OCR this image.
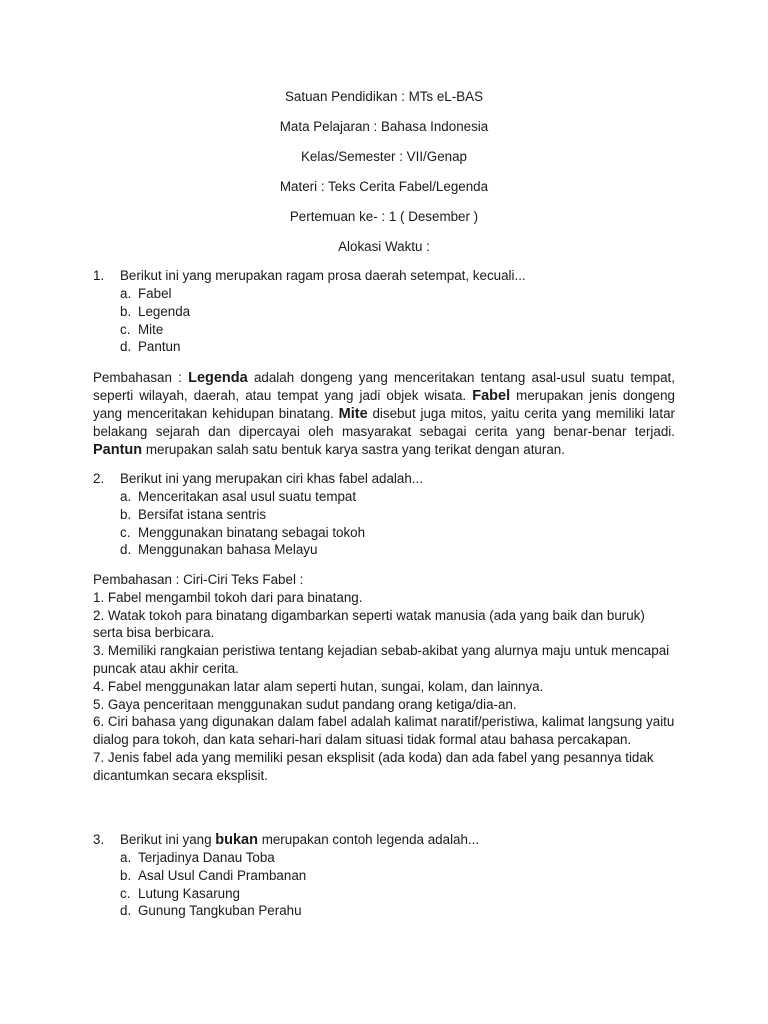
Satuan Pendidikan : MTs eL-BAS
Mata Pelajaran : Bahasa Indonesia
Kelas/Semester : VII/Genap
Materi : Teks Cerita Fabel/Legenda
Pertemuan ke- : 1 ( Desember )
Alokasi Waktu :
1.	Berikut ini yang merupakan ragam prosa daerah setempat, kecuali...
a. Fabel
b. Legenda
c. Mite
d. Pantun
Pembahasan : Legenda adalah dongeng yang menceritakan tentang asal-usul suatu tempat, seperti wilayah, daerah, atau tempat yang jadi objek wisata. Fabel merupakan jenis dongeng yang menceritakan kehidupan binatang. Mite disebut juga mitos, yaitu cerita yang memiliki latar belakang sejarah dan dipercayai oleh masyarakat sebagai cerita yang benar-benar terjadi. Pantun merupakan salah satu bentuk karya sastra yang terikat dengan aturan.
2.	Berikut ini yang merupakan ciri khas fabel adalah...
a. Menceritakan asal usul suatu tempat
b. Bersifat istana sentris
c. Menggunakan binatang sebagai tokoh
d. Menggunakan bahasa Melayu
Pembahasan : Ciri-Ciri Teks Fabel :
1. Fabel mengambil tokoh dari para binatang.
2. Watak tokoh para binatang digambarkan seperti watak manusia (ada yang baik dan buruk) serta bisa berbicara.
3. Memiliki rangkaian peristiwa tentang kejadian sebab-akibat yang alurnya maju untuk mencapai puncak atau akhir cerita.
4. Fabel menggunakan latar alam seperti hutan, sungai, kolam, dan lainnya.
5. Gaya penceritaan menggunakan sudut pandang orang ketiga/dia-an.
6. Ciri bahasa yang digunakan dalam fabel adalah kalimat naratif/peristiwa, kalimat langsung yaitu dialog para tokoh, dan kata sehari-hari dalam situasi tidak formal atau bahasa percakapan.
7. Jenis fabel ada yang memiliki pesan eksplisit (ada koda) dan ada fabel yang pesannya tidak dicantumkan secara eksplisit.
3.	Berikut ini yang bukan merupakan contoh legenda adalah...
a. Terjadinya Danau Toba
b. Asal Usul Candi Prambanan
c. Lutung Kasarung
d. Gunung Tangkuban Perahu
